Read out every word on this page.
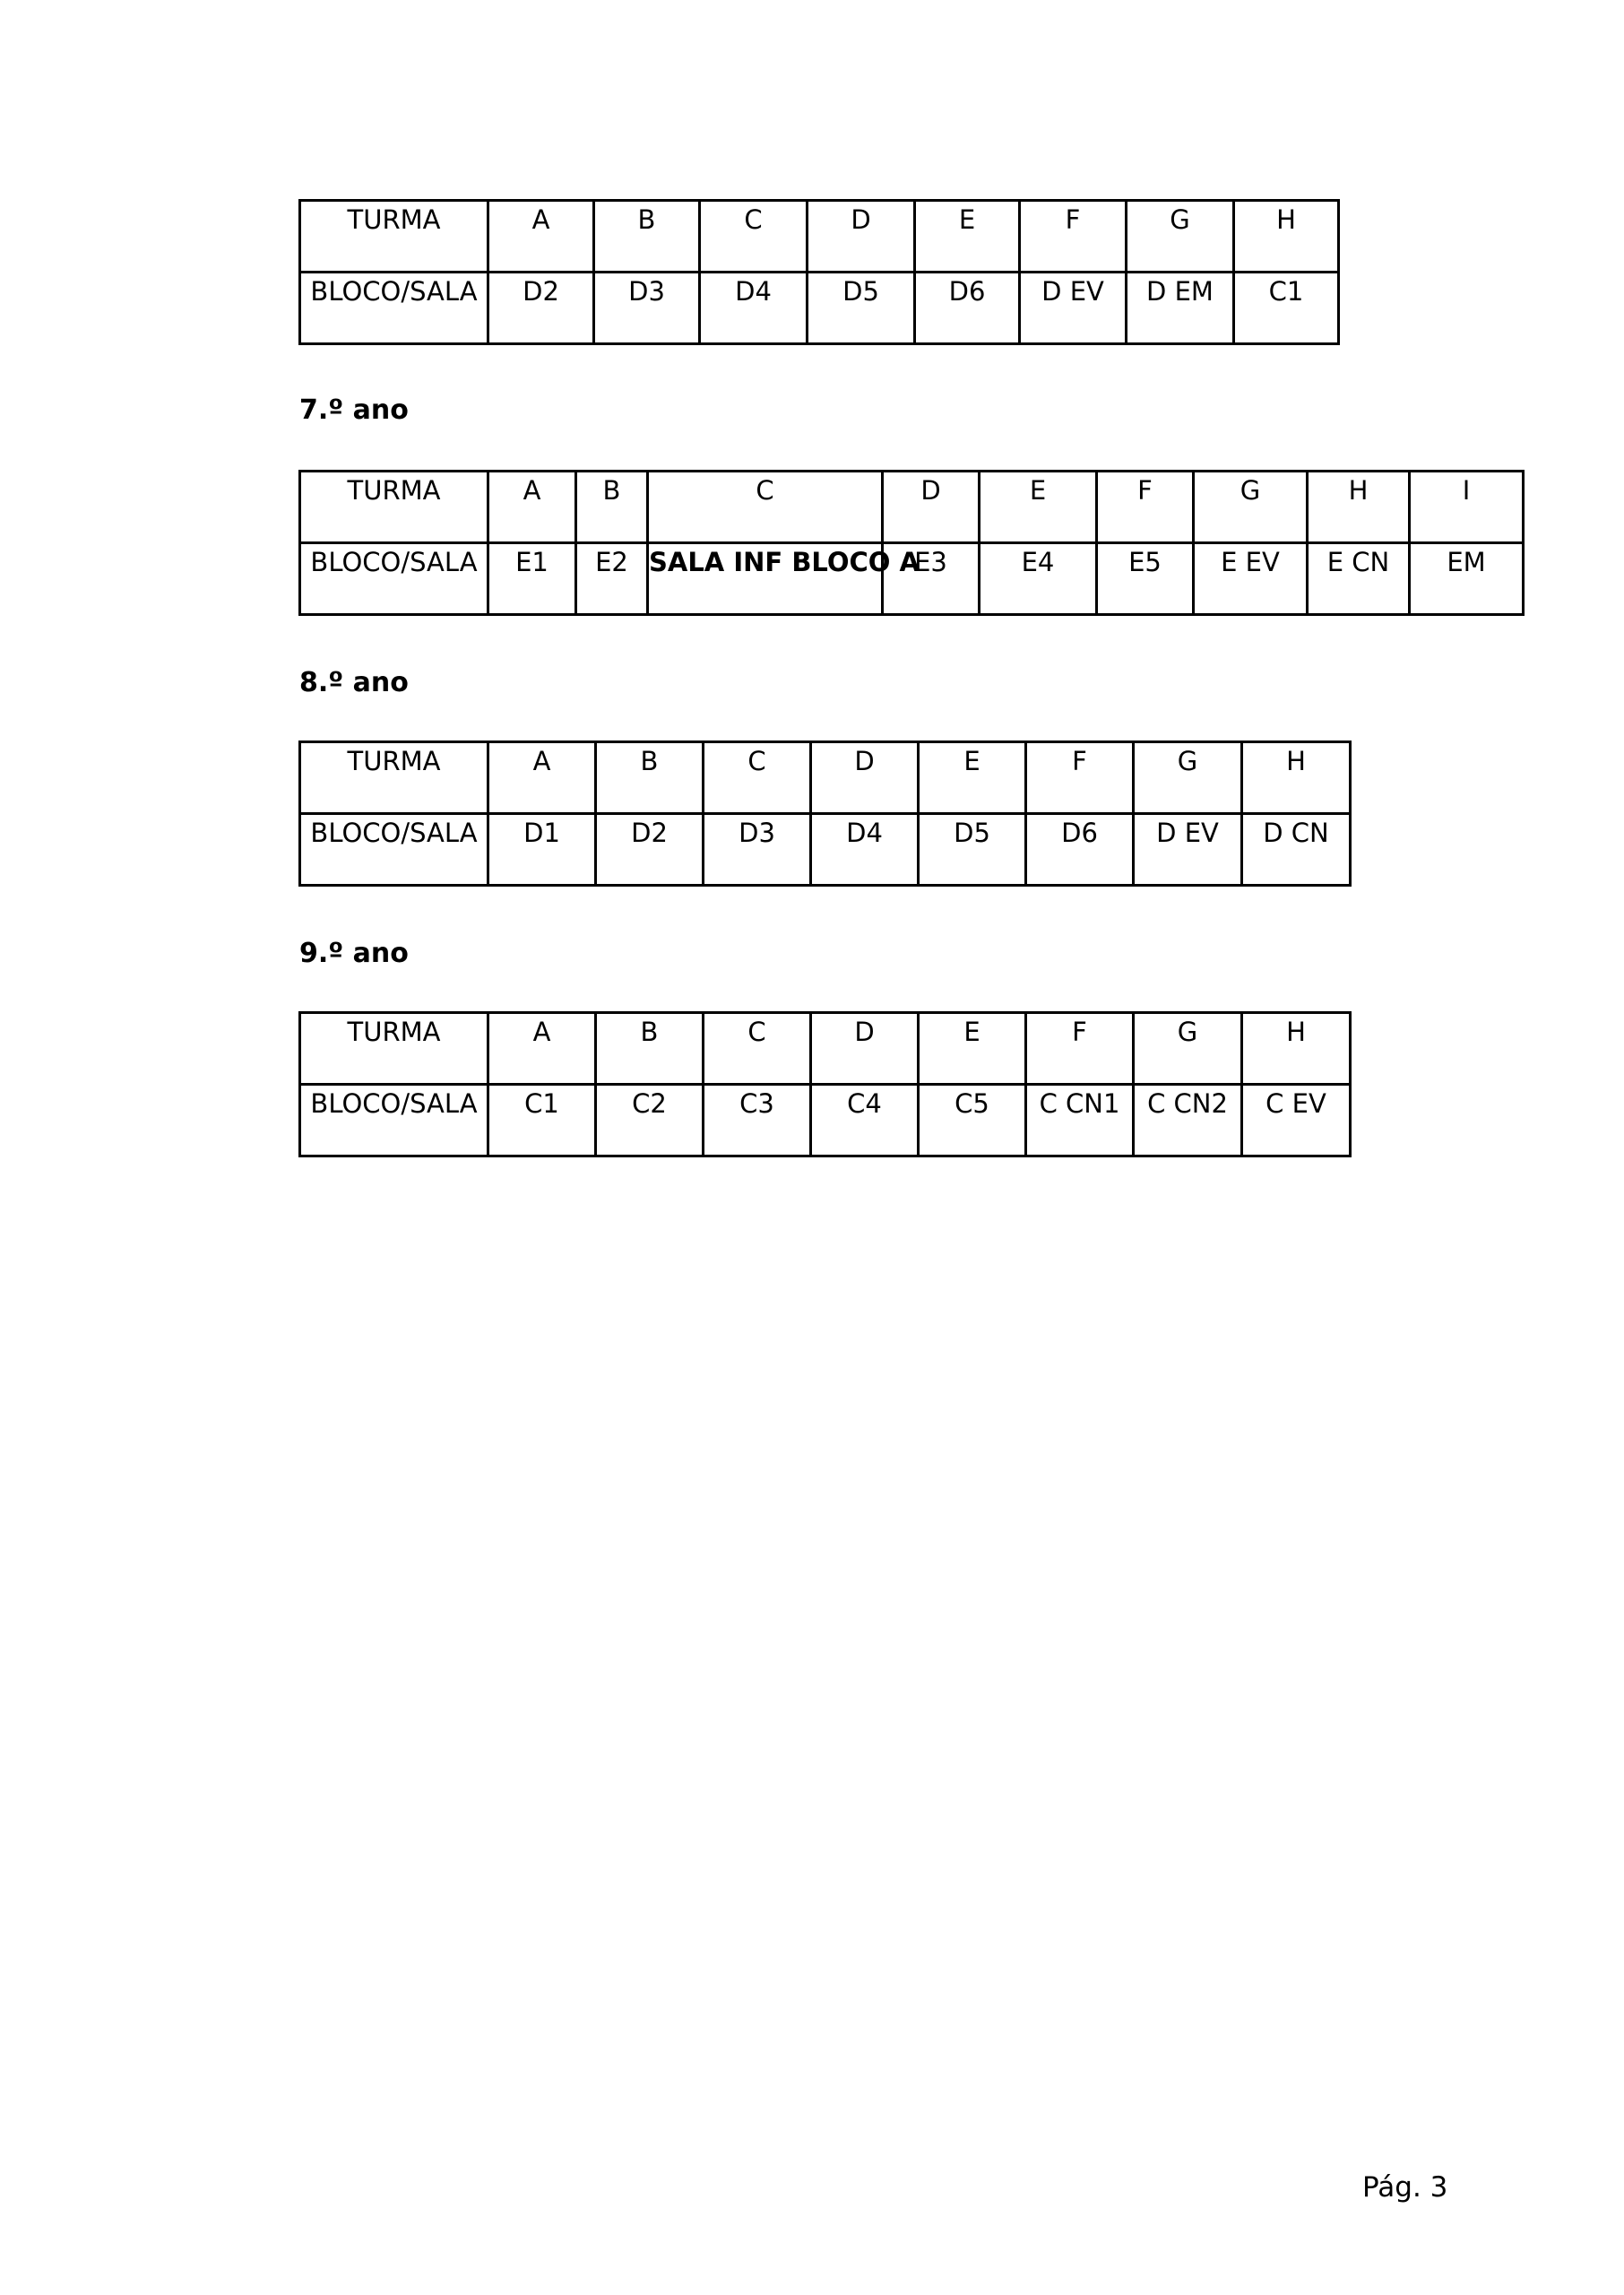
TURMA	A	B	C	D	E	F	G	H
BLOCO/SALA	D2	D3	D4	D5	D6	D EV	D EM	C1
7.º ano
TURMA	A	B	C	D	E	F	G	H	I
BLOCO/SALA	E1	E2	SALA INF BLOCO A	E3	E4	E5	E EV	E CN	EM
8.º ano
TURMA	A	B	C	D	E	F	G	H
BLOCO/SALA	D1	D2	D3	D4	D5	D6	D EV	D CN
9.º ano
TURMA	A	B	C	D	E	F	G	H
BLOCO/SALA	C1	C2	C3	C4	C5	C CN1	C CN2	C EV
Pág. 3
